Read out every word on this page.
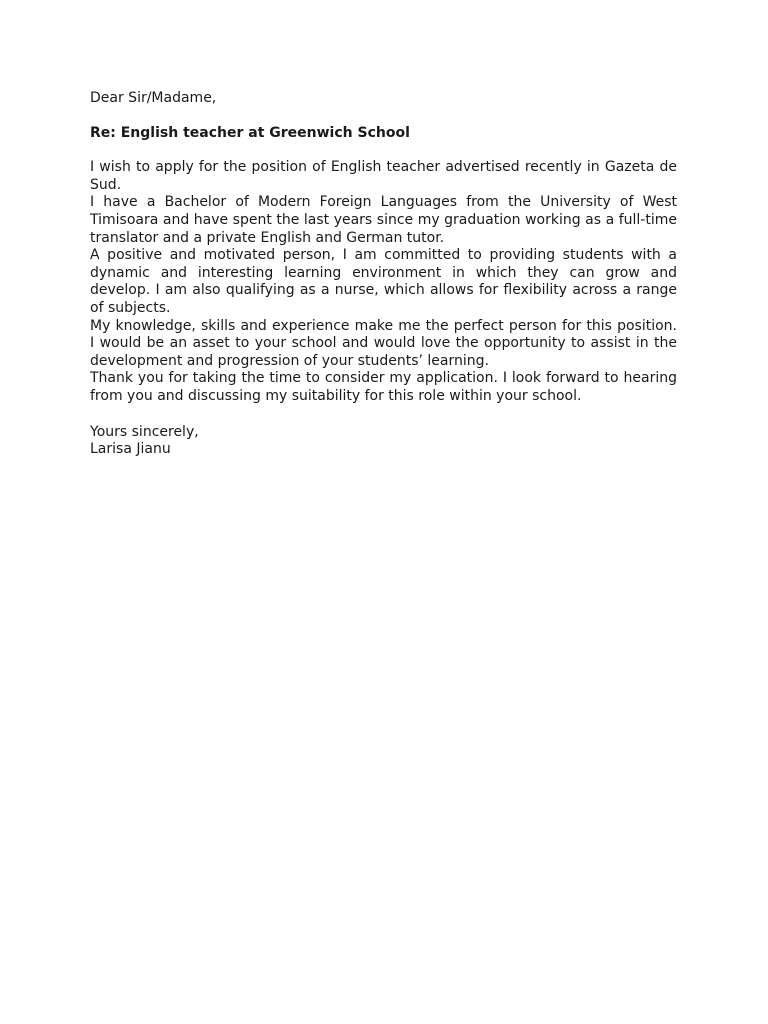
Dear Sir/Madame,
Re: English teacher at Greenwich School

I wish to apply for the position of English teacher advertised recently in Gazeta de Sud.

I have a Bachelor of Modern Foreign Languages from the University of West Timisoara and have spent the last years since my graduation working as a full-time translator and a private English and German tutor.

A positive and motivated person, I am committed to providing students with a dynamic and interesting learning environment in which they can grow and develop. I am also qualifying as a nurse, which allows for flexibility across a range of subjects.

My knowledge, skills and experience make me the perfect person for this position. I would be an asset to your school and would love the opportunity to assist in the development and progression of your students’ learning.

Thank you for taking the time to consider my application. I look forward to hearing from you and discussing my suitability for this role within your school.

Yours sincerely,
Larisa Jianu
